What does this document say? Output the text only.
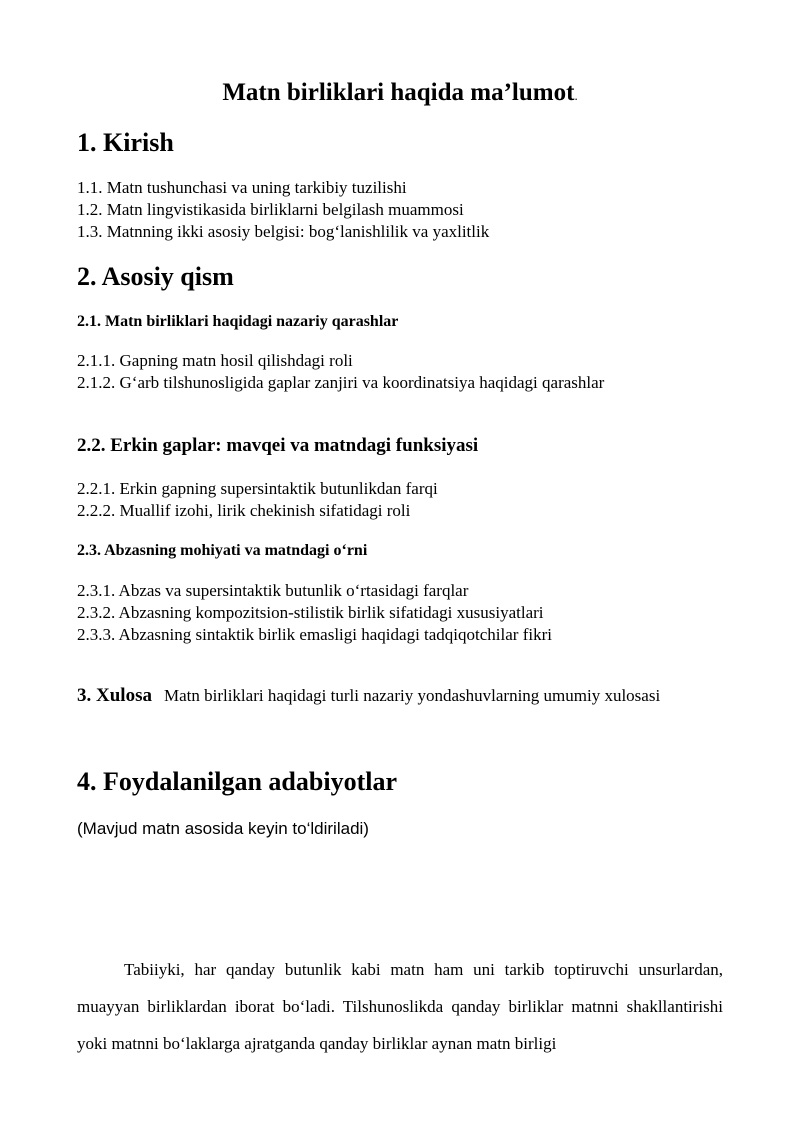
Matn birliklari haqida ma’lumot.
1. Kirish
1.1. Matn tushunchasi va uning tarkibiy tuzilishi
1.2. Matn lingvistikasida birliklarni belgilash muammosi
1.3. Matnning ikki asosiy belgisi: bog‘lanishlilik va yaxlitlik
2. Asosiy qism
2.1. Matn birliklari haqidagi nazariy qarashlar
2.1.1. Gapning matn hosil qilishdagi roli
2.1.2. G‘arb tilshunosligida gaplar zanjiri va koordinatsiya haqidagi qarashlar
2.2. Erkin gaplar: mavqei va matndagi funksiyasi
2.2.1. Erkin gapning supersintaktik butunlikdan farqi
2.2.2. Muallif izohi, lirik chekinish sifatidagi roli
2.3. Abzasning mohiyati va matndagi o‘rni
2.3.1. Abzas va supersintaktik butunlik o‘rtasidagi farqlar
2.3.2. Abzasning kompozitsion-stilistik birlik sifatidagi xususiyatlari
2.3.3. Abzasning sintaktik birlik emasligi haqidagi tadqiqotchilar fikri

3. Xulosa Matn birliklari haqidagi turli nazariy yondashuvlarning umumiy xulosasi

4. Foydalanilgan adabiyotlar

(Mavjud matn asosida keyin to‘ldiriladi)

Tabiiyki, har qanday butunlik kabi matn ham uni tarkib toptiruvchi unsurlardan, muayyan birliklardan iborat bo‘ladi. Tilshunoslikda qanday birliklar matnni shakllantirishi yoki matnni bo‘laklarga ajratganda qanday birliklar aynan matn birligi
